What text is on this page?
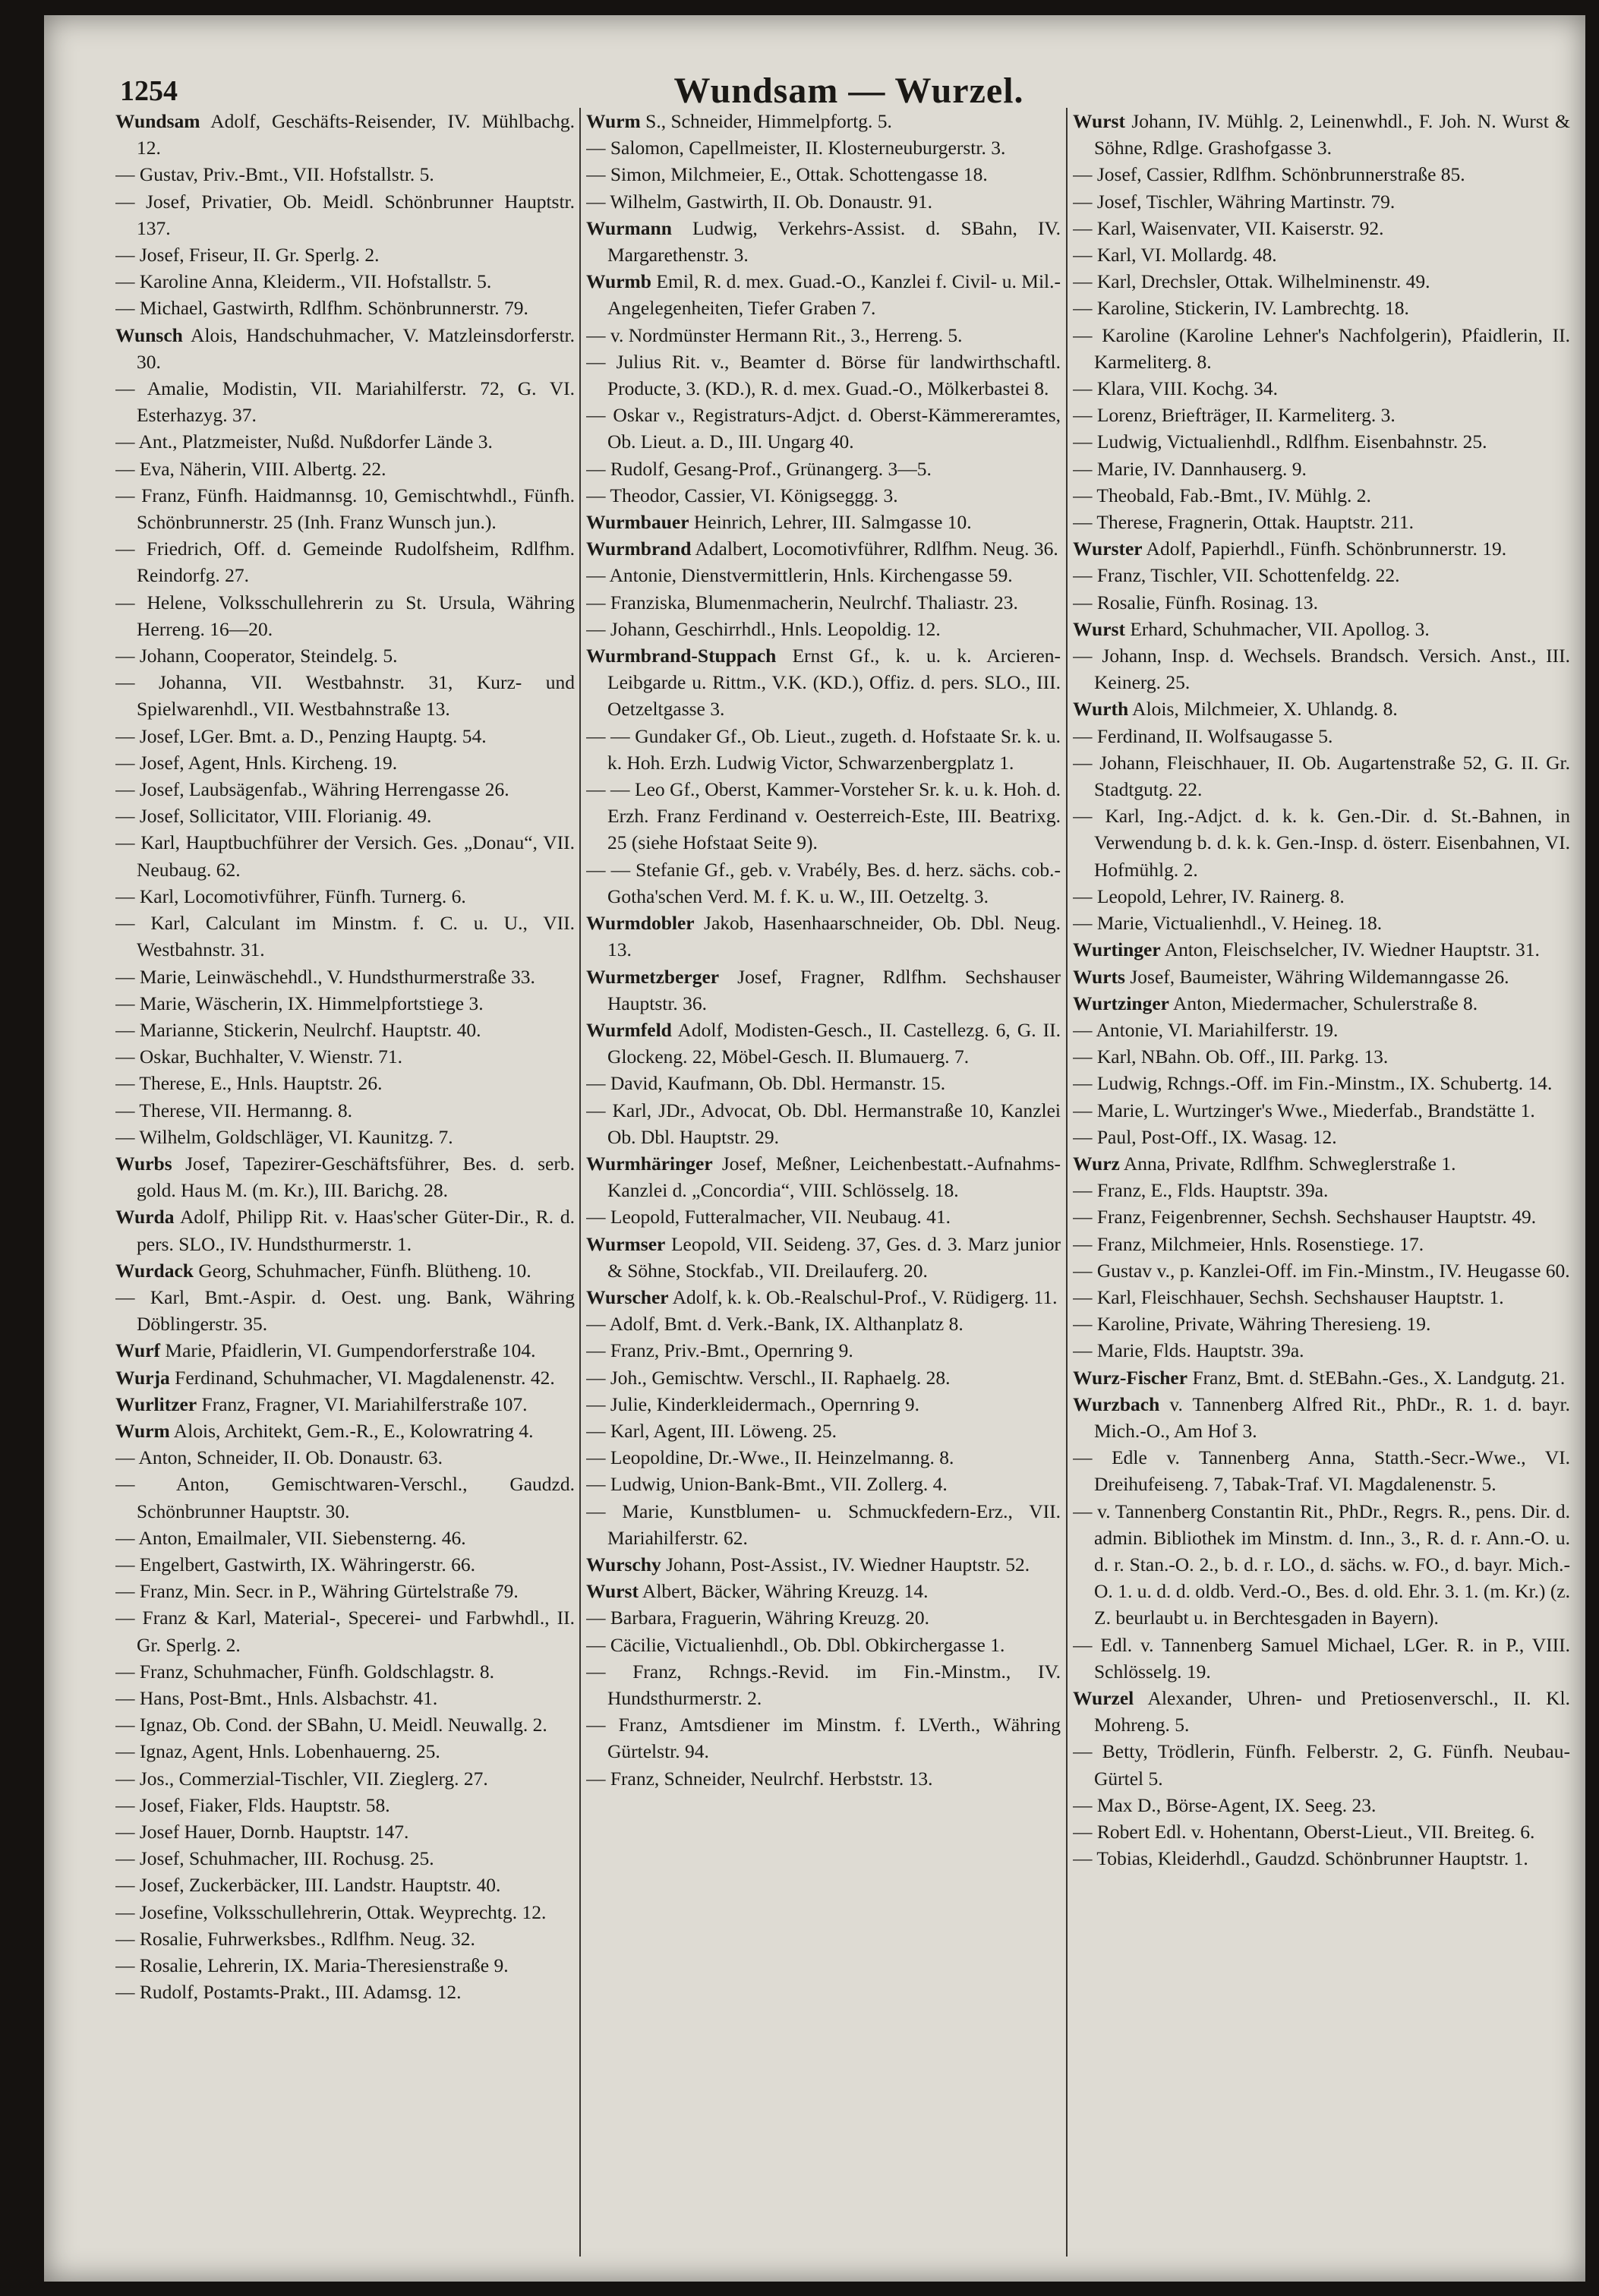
1254	Wundsam — Wurzel.

Wundsam Adolf, Geschäfts-Reisender, IV. Mühlbachg. 12.

— Gustav, Priv.-Bmt., VII. Hofstallstr. 5.

— Josef, Privatier, Ob. Meidl. Schönbrunner Hauptstr. 137.

— Josef, Friseur, II. Gr. Sperlg. 2.

— Karoline Anna, Kleiderm., VII. Hofstallstr. 5.

— Michael, Gastwirth, Rdlfhm. Schönbrunnerstr. 79.

Wunsch Alois, Handschuhmacher, V. Matzleinsdorferstr. 30.

— Amalie, Modistin, VII. Mariahilferstr. 72, G. VI. Esterhazyg. 37.

— Ant., Platzmeister, Nußd. Nußdorfer Lände 3.

— Eva, Näherin, VIII. Albertg. 22.

— Franz, Fünfh. Haidmannsg. 10, Gemischtwhdl., Fünfh. Schönbrunnerstr. 25 (Inh. Franz Wunsch jun.).

— Friedrich, Off. d. Gemeinde Rudolfsheim, Rdlfhm. Reindorfg. 27.

— Helene, Volksschullehrerin zu St. Ursula, Währing Herreng. 16—20.

— Johann, Cooperator, Steindelg. 5.

— Johanna, VII. Westbahnstr. 31, Kurz- und Spielwarenhdl., VII. Westbahnstraße 13.

— Josef, LGer. Bmt. a. D., Penzing Hauptg. 54.

— Josef, Agent, Hnls. Kircheng. 19.

— Josef, Laubsägenfab., Währing Herrengasse 26.

— Josef, Sollicitator, VIII. Florianig. 49.

— Karl, Hauptbuchführer der Versich. Ges. „Donau“, VII. Neubaug. 62.

— Karl, Locomotivführer, Fünfh. Turnerg. 6.

— Karl, Calculant im Minstm. f. C. u. U., VII. Westbahnstr. 31.

— Marie, Leinwäschehdl., V. Hundsthurmerstraße 33.

— Marie, Wäscherin, IX. Himmelpfortstiege 3.

— Marianne, Stickerin, Neulrchf. Hauptstr. 40.

— Oskar, Buchhalter, V. Wienstr. 71.

— Therese, E., Hnls. Hauptstr. 26.

— Therese, VII. Hermanng. 8.

— Wilhelm, Goldschläger, VI. Kaunitzg. 7.

Wurbs Josef, Tapezirer-Geschäftsführer, Bes. d. serb. gold. Haus M. (m. Kr.), III. Barichg. 28.

Wurda Adolf, Philipp Rit. v. Haas'scher Güter-Dir., R. d. pers. SLO., IV. Hundsthurmerstr. 1.

Wurdack Georg, Schuhmacher, Fünfh. Blütheng. 10.

— Karl, Bmt.-Aspir. d. Oest. ung. Bank, Währing Döblingerstr. 35.

Wurf Marie, Pfaidlerin, VI. Gumpendorferstraße 104.

Wurja Ferdinand, Schuhmacher, VI. Magdalenenstr. 42.

Wurlitzer Franz, Fragner, VI. Mariahilferstraße 107.

Wurm Alois, Architekt, Gem.-R., E., Kolowratring 4.

— Anton, Schneider, II. Ob. Donaustr. 63.

— Anton, Gemischtwaren-Verschl., Gaudzd. Schönbrunner Hauptstr. 30.

— Anton, Emailmaler, VII. Siebensterng. 46.

— Engelbert, Gastwirth, IX. Währingerstr. 66.

— Franz, Min. Secr. in P., Währing Gürtelstraße 79.

— Franz & Karl, Material-, Specerei- und Farbwhdl., II. Gr. Sperlg. 2.

— Franz, Schuhmacher, Fünfh. Goldschlagstr. 8.

— Hans, Post-Bmt., Hnls. Alsbachstr. 41.

— Ignaz, Ob. Cond. der SBahn, U. Meidl. Neuwallg. 2.

— Ignaz, Agent, Hnls. Lobenhauerng. 25.

— Jos., Commerzial-Tischler, VII. Zieglerg. 27.

— Josef, Fiaker, Flds. Hauptstr. 58.

— Josef Hauer, Dornb. Hauptstr. 147.

— Josef, Schuhmacher, III. Rochusg. 25.

— Josef, Zuckerbäcker, III. Landstr. Hauptstr. 40.

— Josefine, Volksschullehrerin, Ottak. Weyprechtg. 12.

— Rosalie, Fuhrwerksbes., Rdlfhm. Neug. 32.

— Rosalie, Lehrerin, IX. Maria-Theresienstraße 9.

— Rudolf, Postamts-Prakt., III. Adamsg. 12.

Wurm S., Schneider, Himmelpfortg. 5.

— Salomon, Capellmeister, II. Klosterneuburgerstr. 3.

— Simon, Milchmeier, E., Ottak. Schottengasse 18.

— Wilhelm, Gastwirth, II. Ob. Donaustr. 91.

Wurmann Ludwig, Verkehrs-Assist. d. SBahn, IV. Margarethenstr. 3.

Wurmb Emil, R. d. mex. Guad.-O., Kanzlei f. Civil- u. Mil.-Angelegenheiten, Tiefer Graben 7.

— v. Nordmünster Hermann Rit., 3., Herreng. 5.

— Julius Rit. v., Beamter d. Börse für landwirthschaftl. Producte, 3. (KD.), R. d. mex. Guad.-O., Mölkerbastei 8.

— Oskar v., Registraturs-Adjct. d. Oberst-Kämmereramtes, Ob. Lieut. a. D., III. Ungarg 40.

— Rudolf, Gesang-Prof., Grünangerg. 3—5.

— Theodor, Cassier, VI. Königseggg. 3.

Wurmbauer Heinrich, Lehrer, III. Salmgasse 10.

Wurmbrand Adalbert, Locomotivführer, Rdlfhm. Neug. 36.

— Antonie, Dienstvermittlerin, Hnls. Kirchengasse 59.

— Franziska, Blumenmacherin, Neulrchf. Thaliastr. 23.

— Johann, Geschirrhdl., Hnls. Leopoldig. 12.

Wurmbrand-Stuppach Ernst Gf., k. u. k. Arcieren-Leibgarde u. Rittm., V.K. (KD.), Offiz. d. pers. SLO., III. Oetzeltgasse 3.

— — Gundaker Gf., Ob. Lieut., zugeth. d. Hofstaate Sr. k. u. k. Hoh. Erzh. Ludwig Victor, Schwarzenbergplatz 1.

— — Leo Gf., Oberst, Kammer-Vorsteher Sr. k. u. k. Hoh. d. Erzh. Franz Ferdinand v. Oesterreich-Este, III. Beatrixg. 25 (siehe Hofstaat Seite 9).

— — Stefanie Gf., geb. v. Vrabély, Bes. d. herz. sächs. cob.-Gotha'schen Verd. M. f. K. u. W., III. Oetzeltg. 3.

Wurmdobler Jakob, Hasenhaarschneider, Ob. Dbl. Neug. 13.

Wurmetzberger Josef, Fragner, Rdlfhm. Sechshauser Hauptstr. 36.

Wurmfeld Adolf, Modisten-Gesch., II. Castellezg. 6, G. II. Glockeng. 22, Möbel-Gesch. II. Blumauerg. 7.

— David, Kaufmann, Ob. Dbl. Hermanstr. 15.

— Karl, JDr., Advocat, Ob. Dbl. Hermanstraße 10, Kanzlei Ob. Dbl. Hauptstr. 29.

Wurmhäringer Josef, Meßner, Leichenbestatt.-Aufnahms-Kanzlei d. „Concordia“, VIII. Schlösselg. 18.

— Leopold, Futteralmacher, VII. Neubaug. 41.

Wurmser Leopold, VII. Seideng. 37, Ges. d. 3. Marz junior & Söhne, Stockfab., VII. Dreilauferg. 20.

Wurscher Adolf, k. k. Ob.-Realschul-Prof., V. Rüdigerg. 11.

— Adolf, Bmt. d. Verk.-Bank, IX. Althanplatz 8.

— Franz, Priv.-Bmt., Opernring 9.

— Joh., Gemischtw. Verschl., II. Raphaelg. 28.

— Julie, Kinderkleidermach., Opernring 9.

— Karl, Agent, III. Löweng. 25.

— Leopoldine, Dr.-Wwe., II. Heinzelmanng. 8.

— Ludwig, Union-Bank-Bmt., VII. Zollerg. 4.

— Marie, Kunstblumen- u. Schmuckfedern-Erz., VII. Mariahilferstr. 62.

Wurschy Johann, Post-Assist., IV. Wiedner Hauptstr. 52.

Wurst Albert, Bäcker, Währing Kreuzg. 14.

— Barbara, Fraguerin, Währing Kreuzg. 20.

— Cäcilie, Victualienhdl., Ob. Dbl. Obkirchergasse 1.

— Franz, Rchngs.-Revid. im Fin.-Minstm., IV. Hundsthurmerstr. 2.

— Franz, Amtsdiener im Minstm. f. LVerth., Währing Gürtelstr. 94.

— Franz, Schneider, Neulrchf. Herbststr. 13.

Wurst Johann, IV. Mühlg. 2, Leinenwhdl., F. Joh. N. Wurst & Söhne, Rdlge. Grashofgasse 3.

— Josef, Cassier, Rdlfhm. Schönbrunnerstraße 85.

— Josef, Tischler, Währing Martinstr. 79.

— Karl, Waisenvater, VII. Kaiserstr. 92.

— Karl, VI. Mollardg. 48.

— Karl, Drechsler, Ottak. Wilhelminenstr. 49.

— Karoline, Stickerin, IV. Lambrechtg. 18.

— Karoline (Karoline Lehner's Nachfolgerin), Pfaidlerin, II. Karmeliterg. 8.

— Klara, VIII. Kochg. 34.

— Lorenz, Briefträger, II. Karmeliterg. 3.

— Ludwig, Victualienhdl., Rdlfhm. Eisenbahnstr. 25.

— Marie, IV. Dannhauserg. 9.

— Theobald, Fab.-Bmt., IV. Mühlg. 2.

— Therese, Fragnerin, Ottak. Hauptstr. 211.

Wurster Adolf, Papierhdl., Fünfh. Schönbrunnerstr. 19.

— Franz, Tischler, VII. Schottenfeldg. 22.

— Rosalie, Fünfh. Rosinag. 13.

Wurst Erhard, Schuhmacher, VII. Apollog. 3.

— Johann, Insp. d. Wechsels. Brandsch. Versich. Anst., III. Keinerg. 25.

Wurth Alois, Milchmeier, X. Uhlandg. 8.

— Ferdinand, II. Wolfsaugasse 5.

— Johann, Fleischhauer, II. Ob. Augartenstraße 52, G. II. Gr. Stadtgutg. 22.

— Karl, Ing.-Adjct. d. k. k. Gen.-Dir. d. St.-Bahnen, in Verwendung b. d. k. k. Gen.-Insp. d. österr. Eisenbahnen, VI. Hofmühlg. 2.

— Leopold, Lehrer, IV. Rainerg. 8.

— Marie, Victualienhdl., V. Heineg. 18.

Wurtinger Anton, Fleischselcher, IV. Wiedner Hauptstr. 31.

Wurts Josef, Baumeister, Währing Wildemanngasse 26.

Wurtzinger Anton, Miedermacher, Schulerstraße 8.

— Antonie, VI. Mariahilferstr. 19.

— Karl, NBahn. Ob. Off., III. Parkg. 13.

— Ludwig, Rchngs.-Off. im Fin.-Minstm., IX. Schubertg. 14.

— Marie, L. Wurtzinger's Wwe., Miederfab., Brandstätte 1.

— Paul, Post-Off., IX. Wasag. 12.

Wurz Anna, Private, Rdlfhm. Schweglerstraße 1.

— Franz, E., Flds. Hauptstr. 39a.

— Franz, Feigenbrenner, Sechsh. Sechshauser Hauptstr. 49.

— Franz, Milchmeier, Hnls. Rosenstiege. 17.

— Gustav v., p. Kanzlei-Off. im Fin.-Minstm., IV. Heugasse 60.

— Karl, Fleischhauer, Sechsh. Sechshauser Hauptstr. 1.

— Karoline, Private, Währing Theresieng. 19.

— Marie, Flds. Hauptstr. 39a.

Wurz-Fischer Franz, Bmt. d. StEBahn.-Ges., X. Landgutg. 21.

Wurzbach v. Tannenberg Alfred Rit., PhDr., R. 1. d. bayr. Mich.-O., Am Hof 3.

— Edle v. Tannenberg Anna, Statth.-Secr.-Wwe., VI. Dreihufeiseng. 7, Tabak-Traf. VI. Magdalenenstr. 5.

— v. Tannenberg Constantin Rit., PhDr., Regrs. R., pens. Dir. d. admin. Bibliothek im Minstm. d. Inn., 3., R. d. r. Ann.-O. u. d. r. Stan.-O. 2., b. d. r. LO., d. sächs. w. FO., d. bayr. Mich.-O. 1. u. d. d. oldb. Verd.-O., Bes. d. old. Ehr. 3. 1. (m. Kr.) (z. Z. beurlaubt u. in Berchtesgaden in Bayern).

— Edl. v. Tannenberg Samuel Michael, LGer. R. in P., VIII. Schlösselg. 19.

Wurzel Alexander, Uhren- und Pretiosenverschl., II. Kl. Mohreng. 5.

— Betty, Trödlerin, Fünfh. Felberstr. 2, G. Fünfh. Neubau-Gürtel 5.

— Max D., Börse-Agent, IX. Seeg. 23.

— Robert Edl. v. Hohentann, Oberst-Lieut., VII. Breiteg. 6.

— Tobias, Kleiderhdl., Gaudzd. Schönbrunner Hauptstr. 1.
